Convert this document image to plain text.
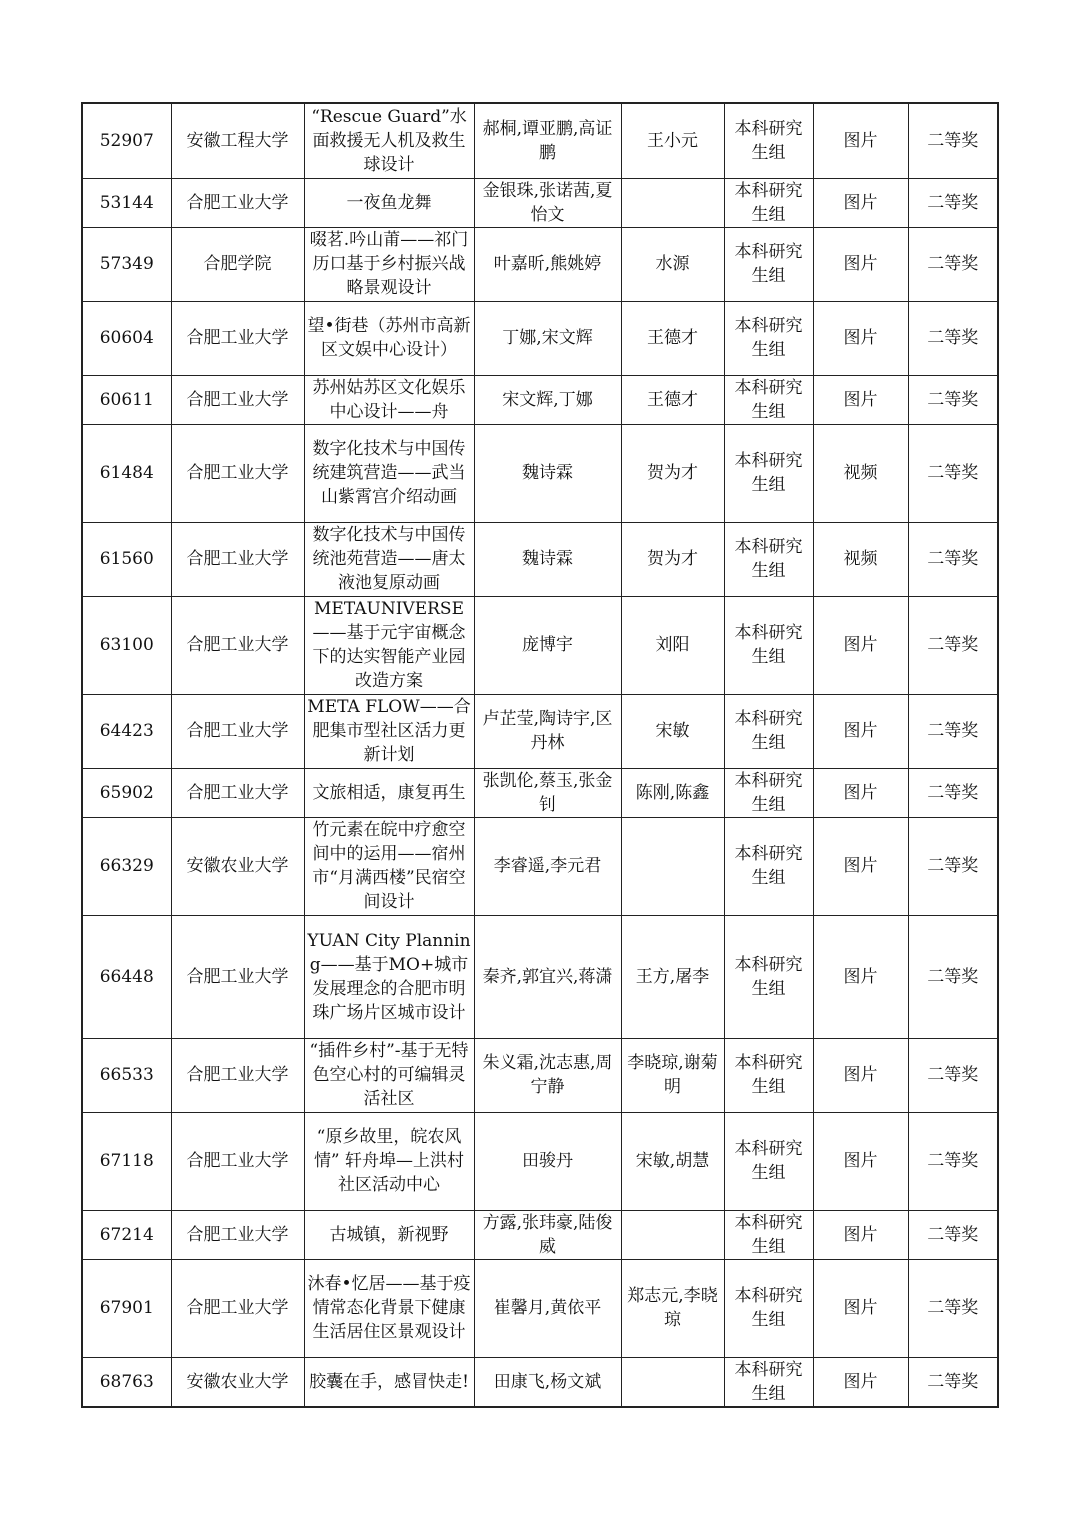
52907	安徽工程大学	“Rescue Guard”水面救援无人机及救生球设计	郝桐,谭亚鹏,高证鹏	王小元	本科研究生组	图片	二等奖
53144	合肥工业大学	一夜鱼龙舞	金银珠,张诺茜,夏怡文		本科研究生组	图片	二等奖
57349	合肥学院	啜茗.吟山莆——祁门历口基于乡村振兴战略景观设计	叶嘉昕,熊姚婷	水源	本科研究生组	图片	二等奖
60604	合肥工业大学	望•街巷（苏州市高新区文娱中心设计）	丁娜,宋文辉	王德才	本科研究生组	图片	二等奖
60611	合肥工业大学	苏州姑苏区文化娱乐中心设计——舟	宋文辉,丁娜	王德才	本科研究生组	图片	二等奖
61484	合肥工业大学	数字化技术与中国传统建筑营造——武当山紫霄宫介绍动画	魏诗霖	贺为才	本科研究生组	视频	二等奖
61560	合肥工业大学	数字化技术与中国传统池苑营造——唐太液池复原动画	魏诗霖	贺为才	本科研究生组	视频	二等奖
63100	合肥工业大学	METAUNIVERSE——基于元宇宙概念下的达实智能产业园改造方案	庞博宇	刘阳	本科研究生组	图片	二等奖
64423	合肥工业大学	META FLOW——合肥集市型社区活力更新计划	卢芷莹,陶诗宇,区丹林	宋敏	本科研究生组	图片	二等奖
65902	合肥工业大学	文旅相适，康复再生	张凯伦,蔡玉,张金钊	陈刚,陈鑫	本科研究生组	图片	二等奖
66329	安徽农业大学	竹元素在皖中疗愈空间中的运用——宿州市“月满西楼”民宿空间设计	李睿遥,李元君		本科研究生组	图片	二等奖
66448	合肥工业大学	YUAN City Planning——基于MO+城市发展理念的合肥市明珠广场片区城市设计	秦齐,郭宜兴,蒋潇	王方,屠李	本科研究生组	图片	二等奖
66533	合肥工业大学	“插件乡村”-基于无特色空心村的可编辑灵活社区	朱义霜,沈志惠,周宁静	李晓琼,谢菊明	本科研究生组	图片	二等奖
67118	合肥工业大学	“原乡故里，皖农风情” 轩舟埠—上洪村社区活动中心	田骏丹	宋敏,胡慧	本科研究生组	图片	二等奖
67214	合肥工业大学	古城镇，新视野	方露,张玮豪,陆俊威		本科研究生组	图片	二等奖
67901	合肥工业大学	沐春•忆居——基于疫情常态化背景下健康生活居住区景观设计	崔馨月,黄依平	郑志元,李晓琼	本科研究生组	图片	二等奖
68763	安徽农业大学	胶囊在手，感冒快走!	田康飞,杨文斌		本科研究生组	图片	二等奖
